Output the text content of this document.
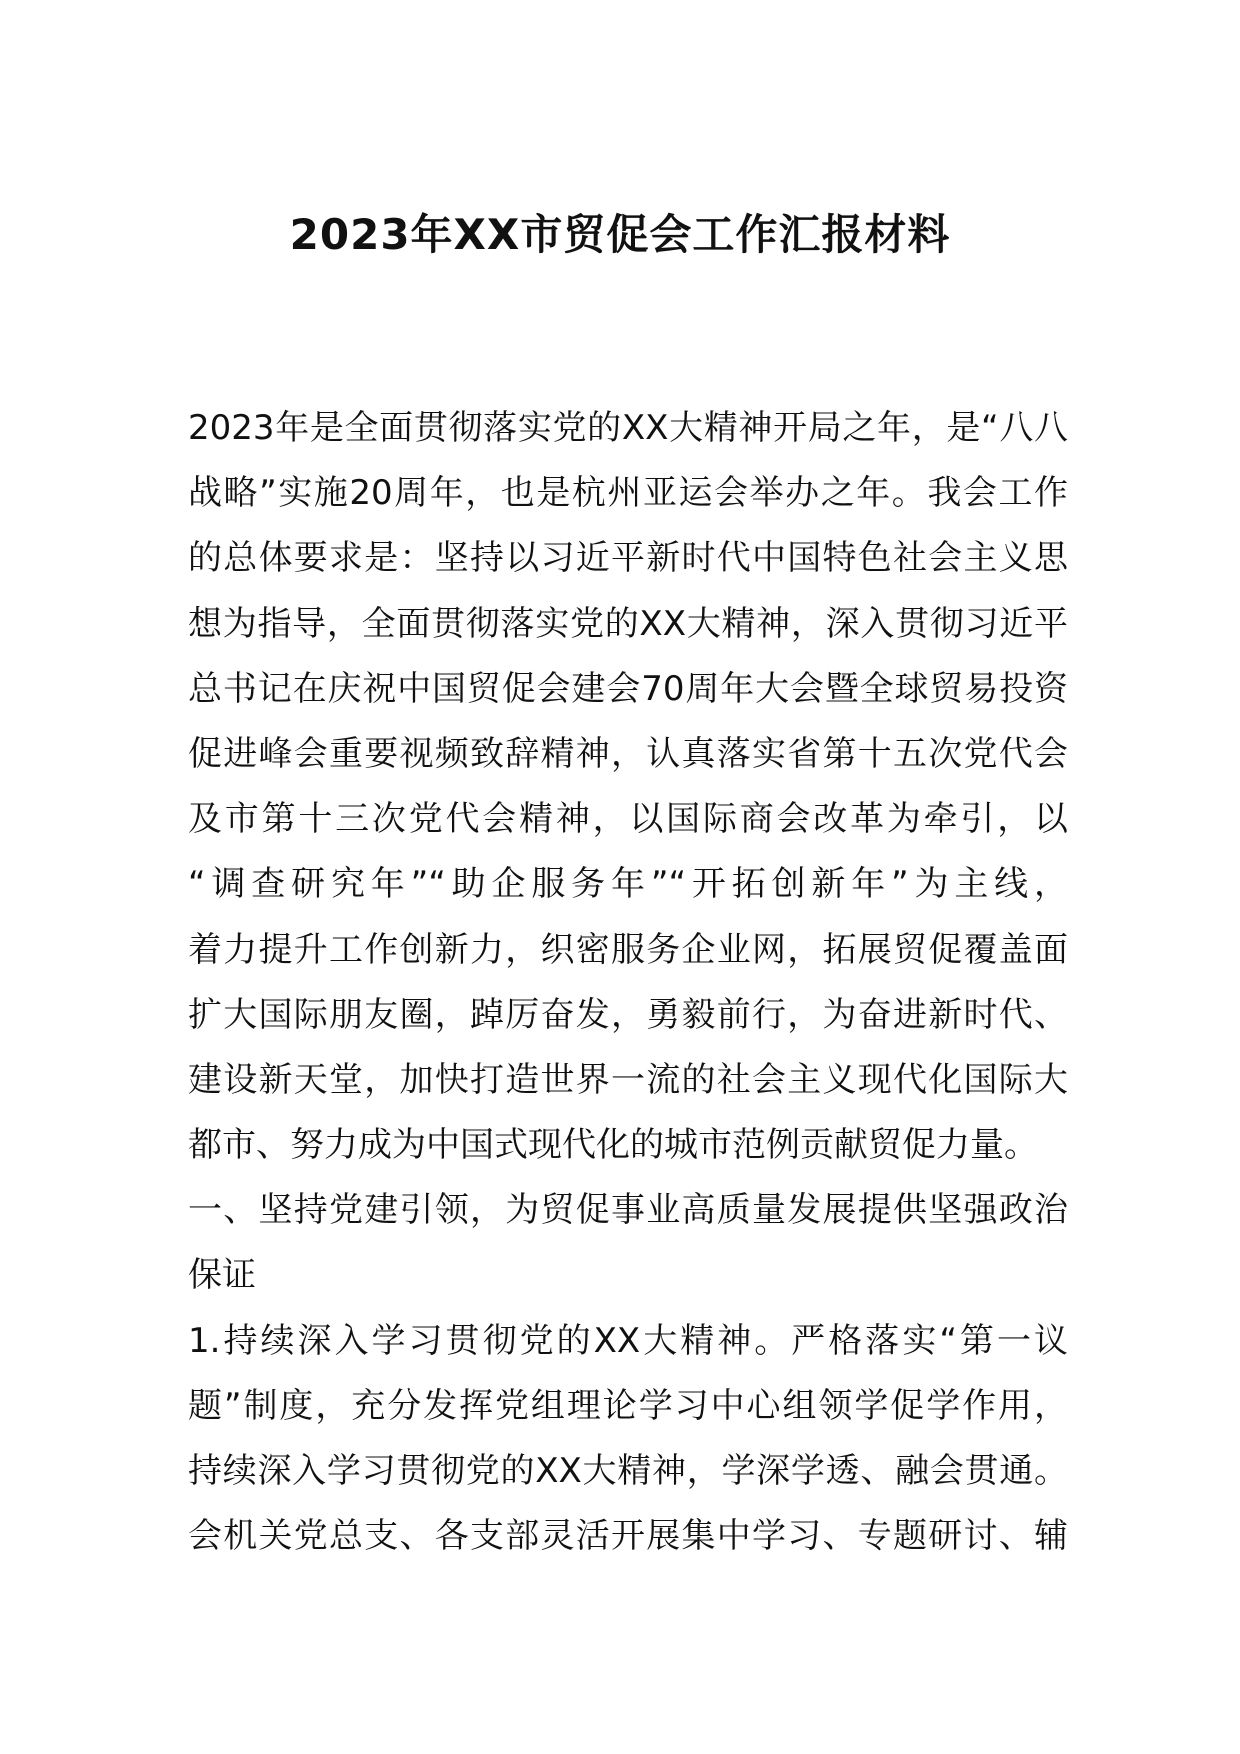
2023年XX市贸促会工作汇报材料
2023年是全面贯彻落实党的XX大精神开局之年，是“八八
战略”实施20周年，也是杭州亚运会举办之年。我会工作
的总体要求是：坚持以习近平新时代中国特色社会主义思
想为指导，全面贯彻落实党的XX大精神，深入贯彻习近平
总书记在庆祝中国贸促会建会70周年大会暨全球贸易投资
促进峰会重要视频致辞精神，认真落实省第十五次党代会
及市第十三次党代会精神，以国际商会改革为牵引，以
“调查研究年”“助企服务年”“开拓创新年”为主线，
着力提升工作创新力，织密服务企业网，拓展贸促覆盖面
扩大国际朋友圈，踔厉奋发，勇毅前行，为奋进新时代、
建设新天堂，加快打造世界一流的社会主义现代化国际大
都市、努力成为中国式现代化的城市范例贡献贸促力量。
一、坚持党建引领，为贸促事业高质量发展提供坚强政治
保证
1.持续深入学习贯彻党的XX大精神。严格落实“第一议
题”制度，充分发挥党组理论学习中心组领学促学作用，
持续深入学习贯彻党的XX大精神，学深学透、融会贯通。
会机关党总支、各支部灵活开展集中学习、专题研讨、辅
